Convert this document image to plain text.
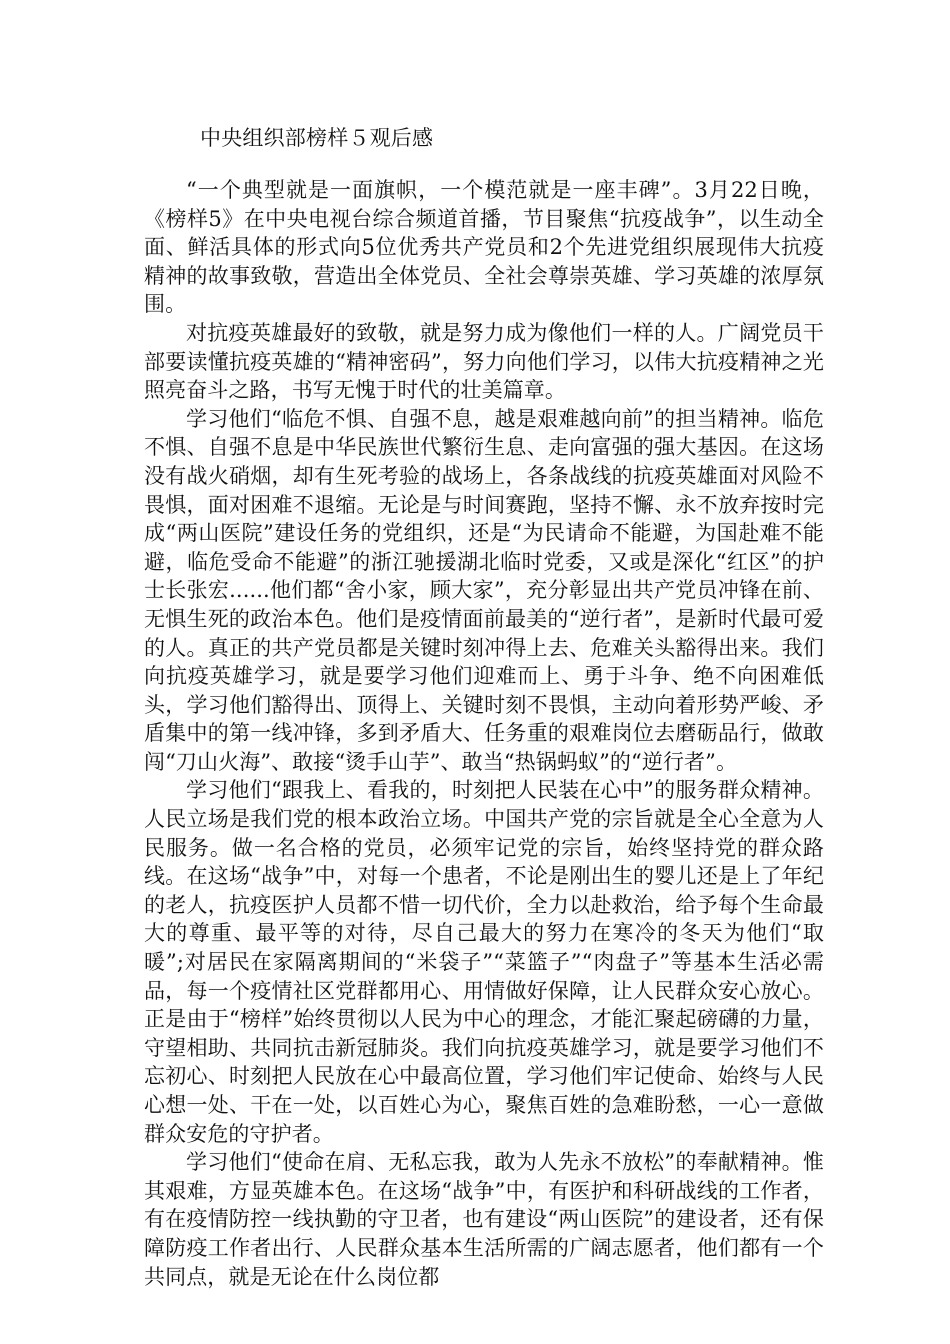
中央组织部榜样５观后感

“一个典型就是一面旗帜，一个模范就是一座丰碑”。3月22日晚，《榜样5》在中央电视台综合频道首播，节目聚焦“抗疫战争”，以生动全面、鲜活具体的形式向5位优秀共产党员和2个先进党组织展现伟大抗疫精神的故事致敬，营造出全体党员、全社会尊崇英雄、学习英雄的浓厚氛围。

对抗疫英雄最好的致敬，就是努力成为像他们一样的人。广阔党员干部要读懂抗疫英雄的“精神密码”，努力向他们学习，以伟大抗疫精神之光照亮奋斗之路，书写无愧于时代的壮美篇章。

学习他们“临危不惧、自强不息，越是艰难越向前”的担当精神。临危不惧、自强不息是中华民族世代繁衍生息、走向富强的强大基因。在这场没有战火硝烟，却有生死考验的战场上，各条战线的抗疫英雄面对风险不畏惧，面对困难不退缩。无论是与时间赛跑，坚持不懈、永不放弃按时完成“两山医院”建设任务的党组织，还是“为民请命不能避，为国赴难不能避，临危受命不能避”的浙江驰援湖北临时党委，又或是深化“红区”的护士长张宏......他们都“舍小家，顾大家”，充分彰显出共产党员冲锋在前、无惧生死的政治本色。他们是疫情面前最美的“逆行者”，是新时代最可爱的人。真正的共产党员都是关键时刻冲得上去、危难关头豁得出来。我们向抗疫英雄学习，就是要学习他们迎难而上、勇于斗争、绝不向困难低头，学习他们豁得出、顶得上、关键时刻不畏惧，主动向着形势严峻、矛盾集中的第一线冲锋，多到矛盾大、任务重的艰难岗位去磨砺品行，做敢闯“刀山火海”、敢接“烫手山芋”、敢当“热锅蚂蚁”的“逆行者”。

学习他们“跟我上、看我的，时刻把人民装在心中”的服务群众精神。人民立场是我们党的根本政治立场。中国共产党的宗旨就是全心全意为人民服务。做一名合格的党员，必须牢记党的宗旨，始终坚持党的群众路线。在这场“战争”中，对每一个患者，不论是刚出生的婴儿还是上了年纪的老人，抗疫医护人员都不惜一切代价，全力以赴救治，给予每个生命最大的尊重、最平等的对待，尽自己最大的努力在寒冷的冬天为他们“取暖”;对居民在家隔离期间的“米袋子”“菜篮子”“肉盘子”等基本生活必需品，每一个疫情社区党群都用心、用情做好保障，让人民群众安心放心。正是由于“榜样”始终贯彻以人民为中心的理念，才能汇聚起磅礴的力量，守望相助、共同抗击新冠肺炎。我们向抗疫英雄学习，就是要学习他们不忘初心、时刻把人民放在心中最高位置，学习他们牢记使命、始终与人民心想一处、干在一处，以百姓心为心，聚焦百姓的急难盼愁，一心一意做群众安危的守护者。

学习他们“使命在肩、无私忘我，敢为人先永不放松”的奉献精神。惟其艰难，方显英雄本色。在这场“战争”中，有医护和科研战线的工作者，有在疫情防控一线执勤的守卫者，也有建设“两山医院”的建设者，还有保障防疫工作者出行、人民群众基本生活所需的广阔志愿者，他们都有一个共同点，就是无论在什么岗位都
